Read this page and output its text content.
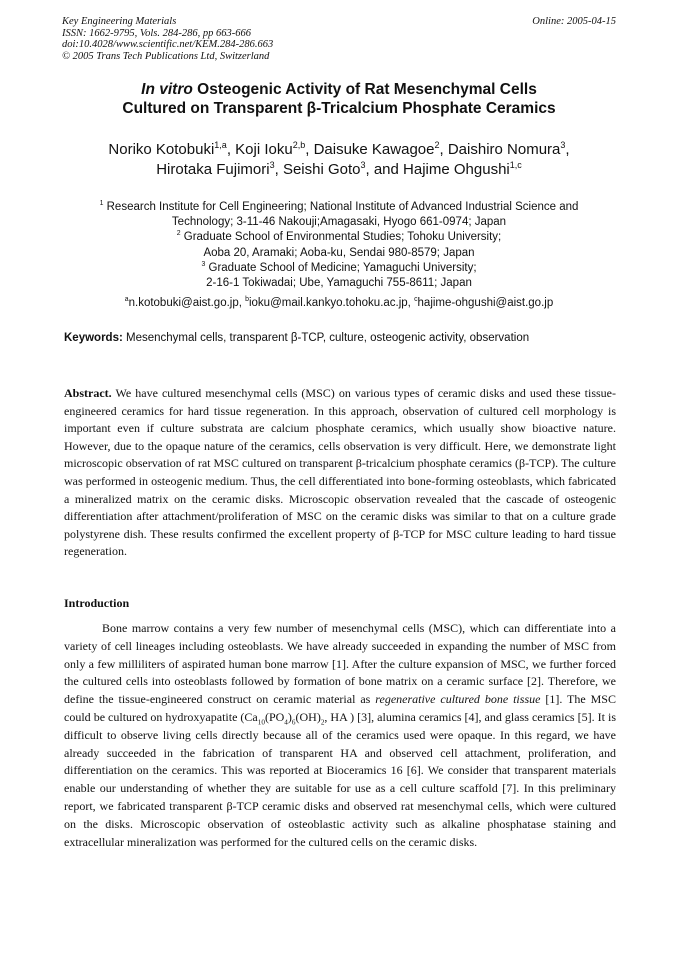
Key Engineering Materials
ISSN: 1662-9795, Vols. 284-286, pp 663-666
doi:10.4028/www.scientific.net/KEM.284-286.663
© 2005 Trans Tech Publications Ltd, Switzerland
Online: 2005-04-15
In vitro Osteogenic Activity of Rat Mesenchymal Cells
Cultured on Transparent β-Tricalcium Phosphate Ceramics
Noriko Kotobuki$^{1,a}$, Koji Ioku$^{2,b}$, Daisuke Kawagoe$^2$, Daishiro Nomura$^3$,
Hirotaka Fujimori$^3$, Seishi Goto$^3$, and Hajime Ohgushi$^{1,c}$
$^1$ Research Institute for Cell Engineering; National Institute of Advanced Industrial Science and
Technology; 3-11-46 Nakouji;Amagasaki, Hyogo 661-0974; Japan
$^2$ Graduate School of Environmental Studies; Tohoku University;
Aoba 20, Aramaki; Aoba-ku, Sendai 980-8579; Japan
$^3$ Graduate School of Medicine; Yamaguchi University;
2-16-1 Tokiwadai; Ube, Yamaguchi 755-8611; Japan
$^a$n.kotobuki@aist.go.jp, $^b$ioku@mail.kankyo.tohoku.ac.jp, $^c$hajime-ohgushi@aist.go.jp
Keywords: Mesenchymal cells, transparent β-TCP, culture, osteogenic activity, observation
Abstract. We have cultured mesenchymal cells (MSC) on various types of ceramic disks and used these tissue-engineered ceramics for hard tissue regeneration. In this approach, observation of cultured cell morphology is important even if culture substrata are calcium phosphate ceramics, which usually show bioactive nature. However, due to the opaque nature of the ceramics, cells observation is very difficult. Here, we demonstrate light microscopic observation of rat MSC cultured on transparent β-tricalcium phosphate ceramics (β-TCP). The culture was performed in osteogenic medium. Thus, the cell differentiated into bone-forming osteoblasts, which fabricated a mineralized matrix on the ceramic disks. Microscopic observation revealed that the cascade of osteogenic differentiation after attachment/proliferation of MSC on the ceramic disks was similar to that on a culture grade polystyrene dish. These results confirmed the excellent property of β-TCP for MSC culture leading to hard tissue regeneration.
Introduction
Bone marrow contains a very few number of mesenchymal cells (MSC), which can differentiate into a variety of cell lineages including osteoblasts. We have already succeeded in expanding the number of MSC from only a few milliliters of aspirated human bone marrow [1]. After the culture expansion of MSC, we further forced the cultured cells into osteoblasts followed by formation of bone matrix on a ceramic surface [2]. Therefore, we define the tissue-engineered construct on ceramic material as regenerative cultured bone tissue [1]. The MSC could be cultured on hydroxyapatite ($Ca_{10}(PO_4)_6(OH)_2$, HA ) [3], alumina ceramics [4], and glass ceramics [5]. It is difficult to observe living cells directly because all of the ceramics used were opaque. In this regard, we have already succeeded in the fabrication of transparent HA and observed cell attachment, proliferation, and differentiation on the ceramics. This was reported at Bioceramics 16 [6]. We consider that transparent materials enable our understanding of whether they are suitable for use as a cell culture scaffold [7]. In this preliminary report, we fabricated transparent β-TCP ceramic disks and observed rat mesenchymal cells, which were cultured on the disks. Microscopic observation of osteoblastic activity such as alkaline phosphatase staining and extracellular mineralization was performed for the cultured cells on the ceramic disks.
